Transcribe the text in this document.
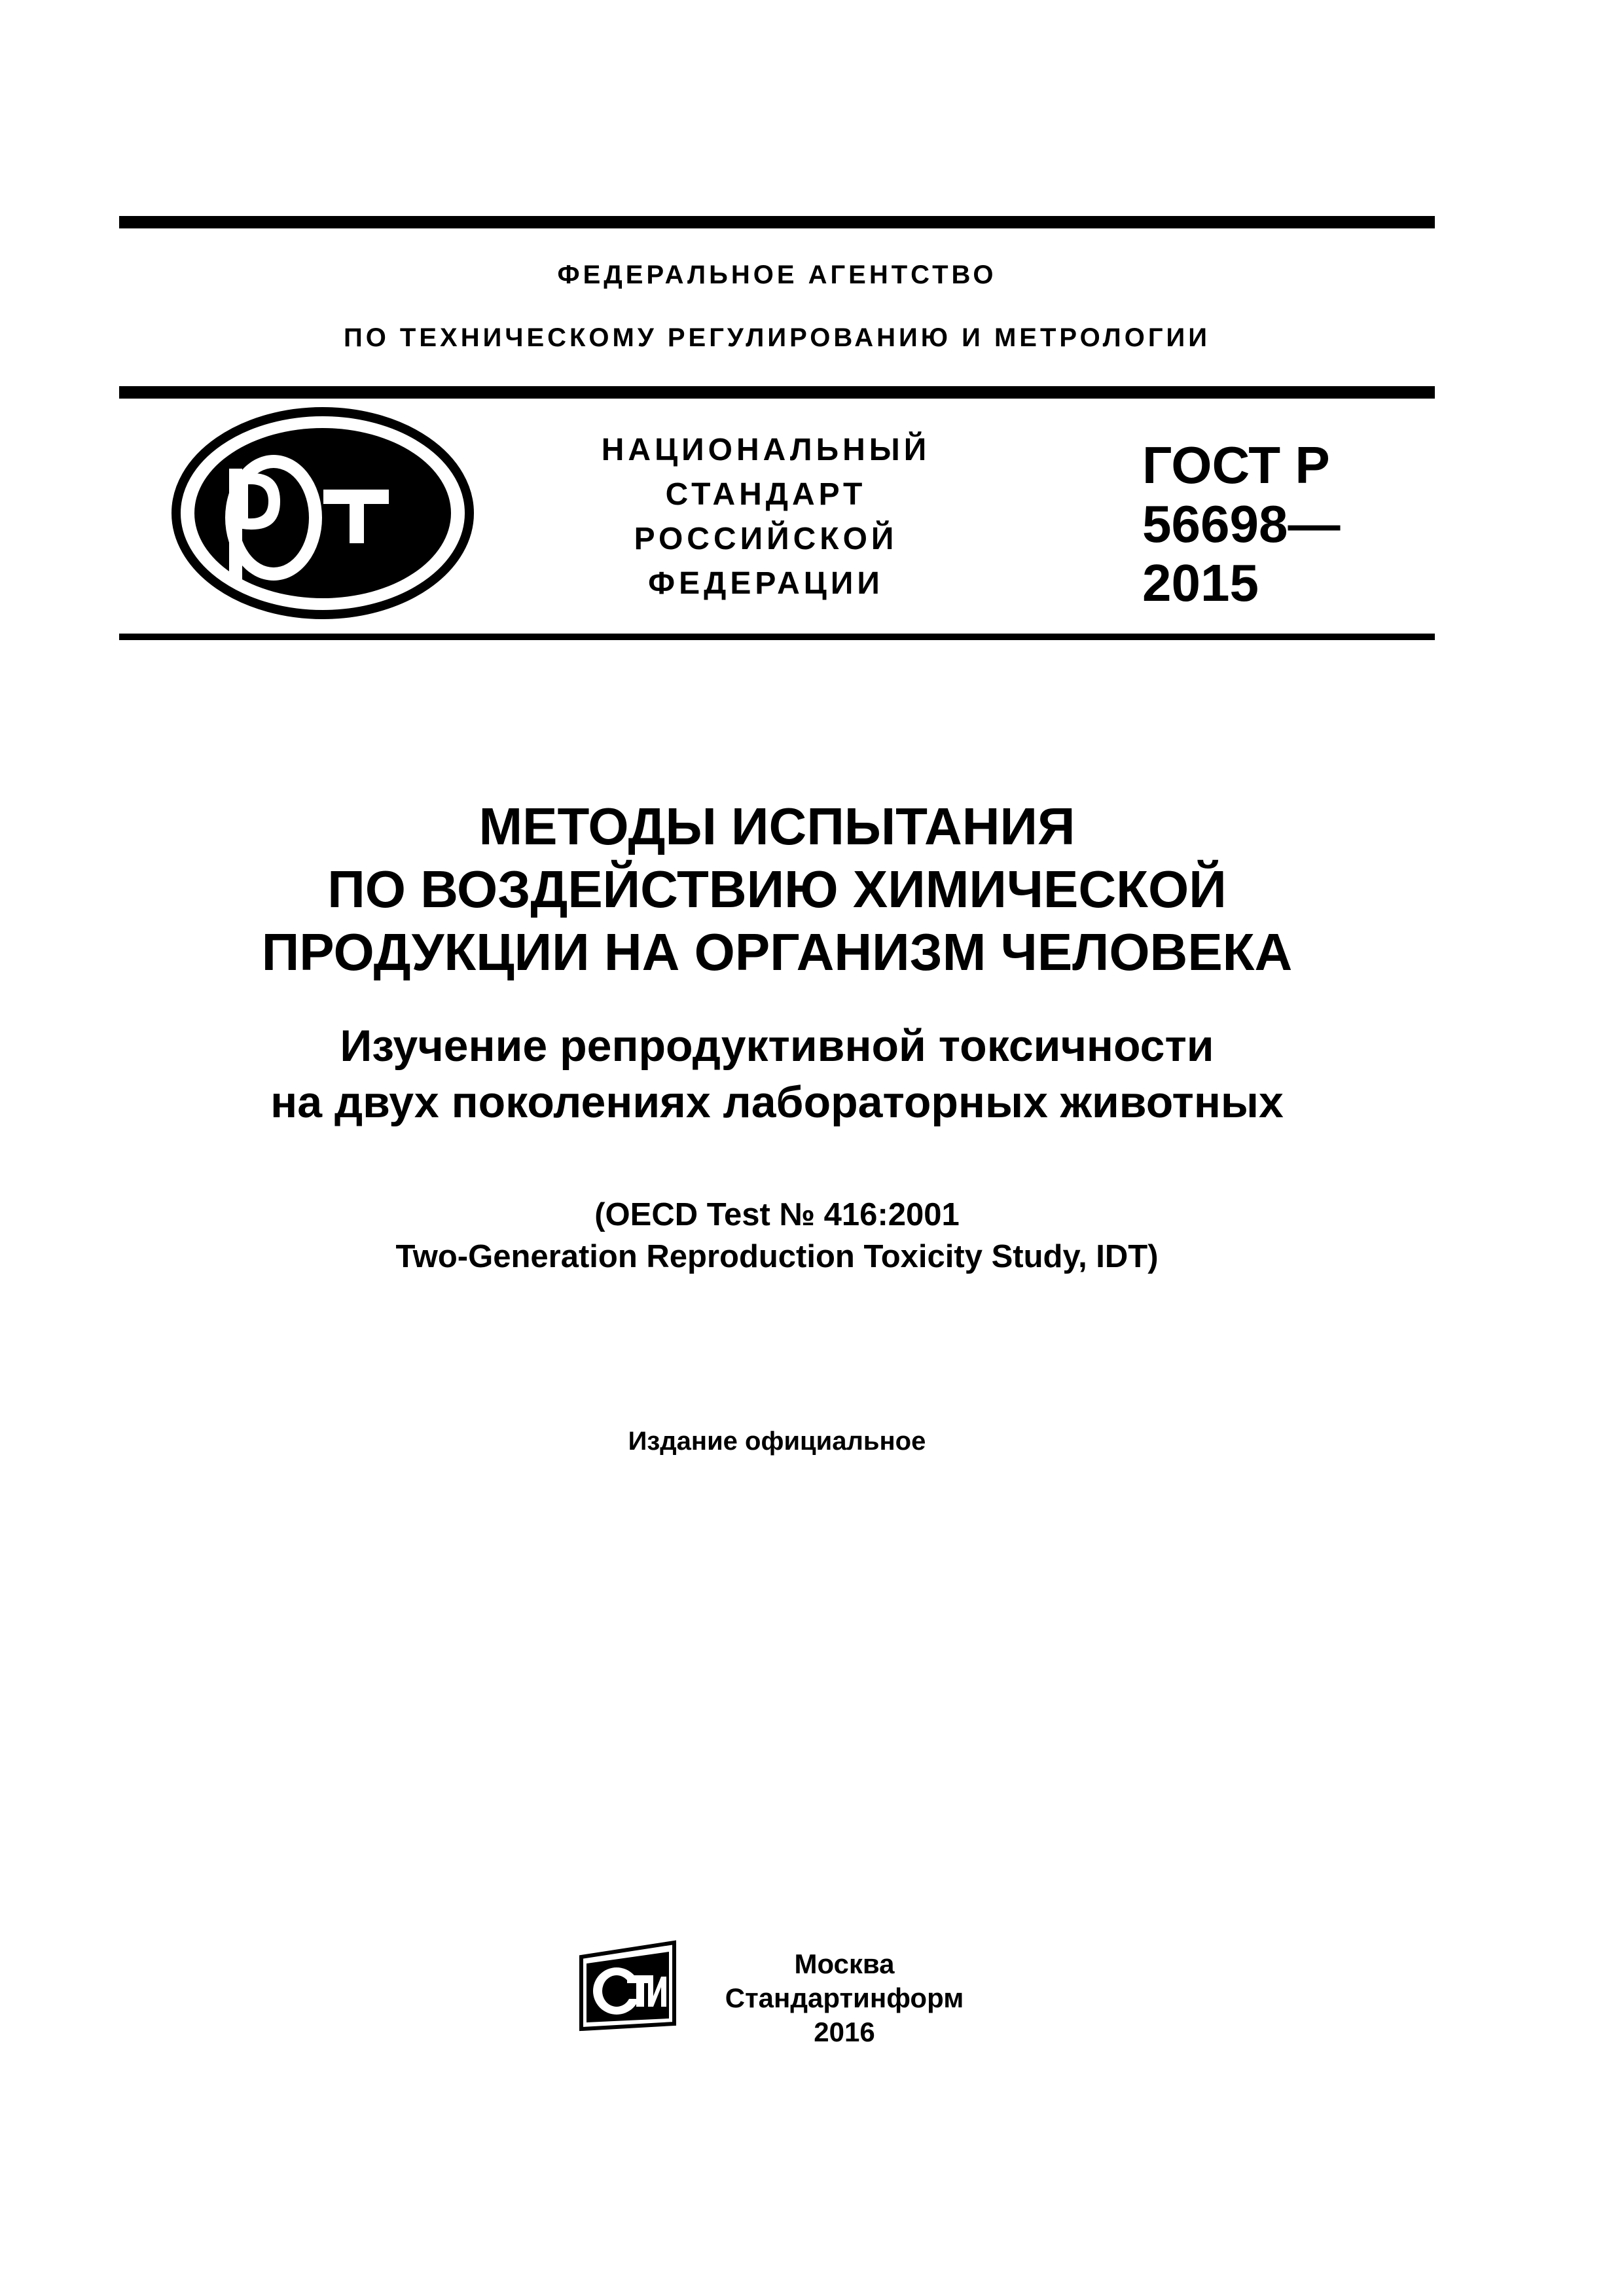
ФЕДЕРАЛЬНОЕ АГЕНТСТВО
ПО ТЕХНИЧЕСКОМУ РЕГУЛИРОВАНИЮ И МЕТРОЛОГИИ
НАЦИОНАЛЬНЫЙ
СТАНДАРТ
РОССИЙСКОЙ
ФЕДЕРАЦИИ
ГОСТ Р
56698—
2015
МЕТОДЫ ИСПЫТАНИЯ
ПО ВОЗДЕЙСТВИЮ ХИМИЧЕСКОЙ
ПРОДУКЦИИ НА ОРГАНИЗМ ЧЕЛОВЕКА
Изучение репродуктивной токсичности
на двух поколениях лабораторных животных
(OECD Test № 416:2001
Two-Generation Reproduction Toxicity Study, IDT)
Издание официальное
Москва
Стандартинформ
2016
